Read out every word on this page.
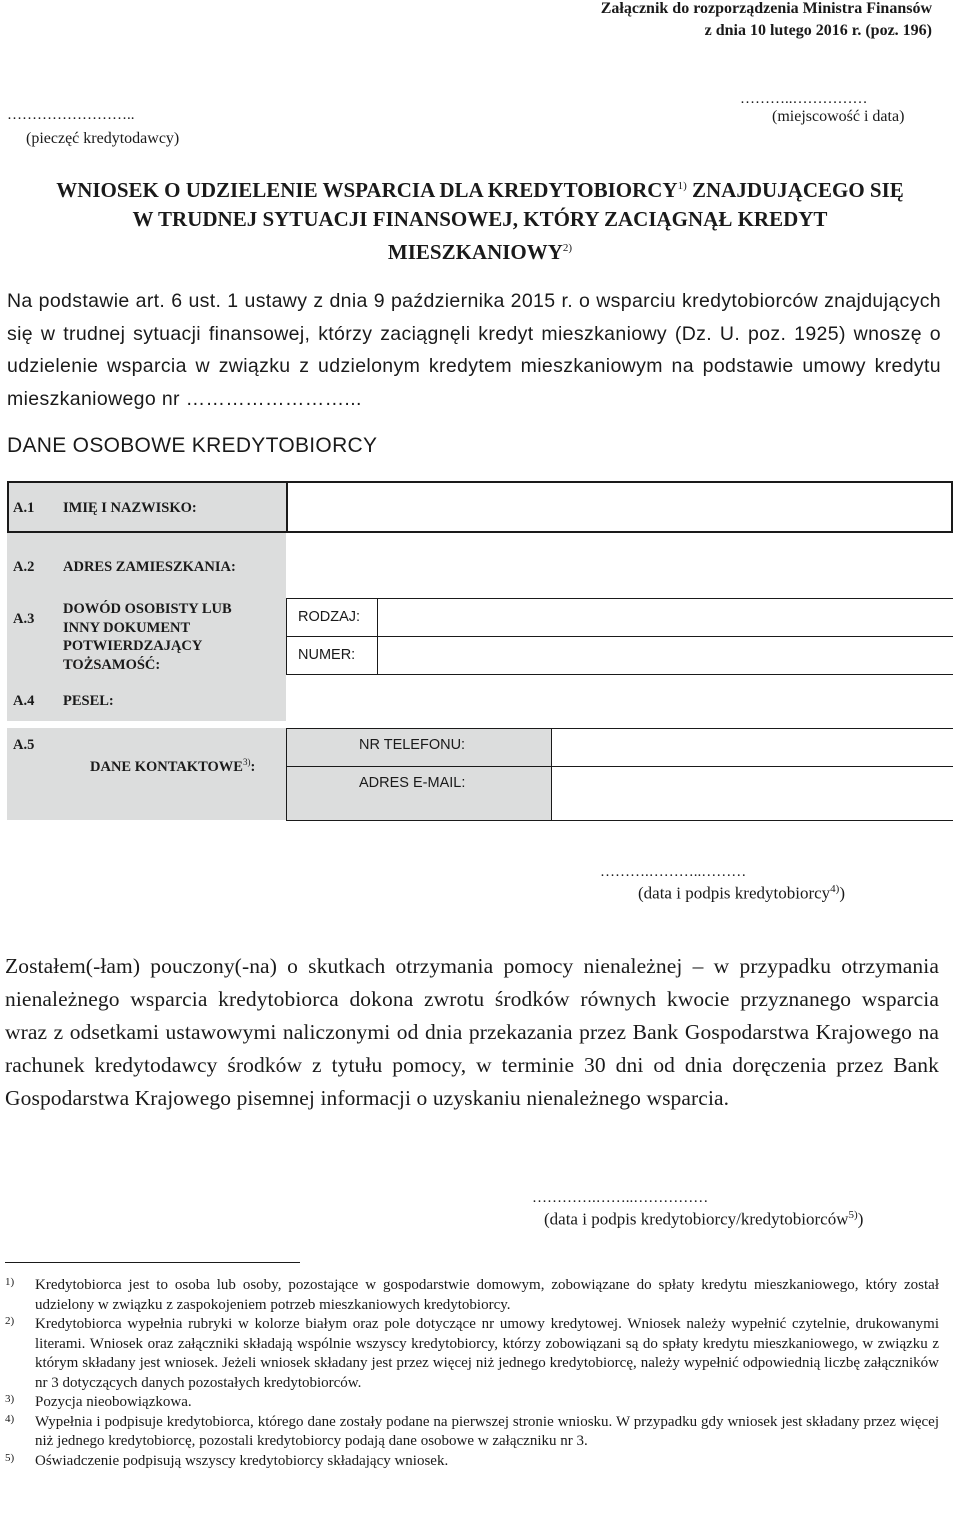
Załącznik do rozporządzenia Ministra Finansów
z dnia 10 lutego 2016 r. (poz. 196)
……………………..
(pieczęć kredytodawcy)
………..……………
(miejscowość i data)
WNIOSEK O UDZIELENIE WSPARCIA DLA KREDYTOBIORCY$^{1)}$ ZNAJDUJĄCEGO SIĘ
W TRUDNEJ SYTUACJI FINANSOWEJ, KTÓRY ZACIĄGNĄŁ KREDYT
MIESZKANIOWY$^{2)}$
Na podstawie art. 6 ust. 1 ustawy z dnia 9 października 2015 r. o wsparciu kredytobiorców znajdujących się w trudnej sytuacji finansowej, którzy zaciągnęli kredyt mieszkaniowy (Dz. U. poz. 1925) wnoszę o udzielenie wsparcia w związku z udzielonym kredytem mieszkaniowym na podstawie umowy kredytu mieszkaniowego nr ……………………...
DANE OSOBOWE KREDYTOBIORCY
A.1 IMIĘ I NAZWISKO:
A.2 ADRES ZAMIESZKANIA:
A.3
DOWÓD OSOBISTY LUB
INNY DOKUMENT
POTWIERDZAJĄCY
TOŻSAMOŚĆ:
RODZAJ:
NUMER:
A.4 PESEL:
A.5
DANE KONTAKTOWE$^{3)}$:
NR TELEFONU:
ADRES E-MAIL:
……….………..………
(data i podpis kredytobiorcy$^{4)}$)
Zostałem(-łam) pouczony(-na) o skutkach otrzymania pomocy nienależnej – w przypadku otrzymania nienależnego wsparcia kredytobiorca dokona zwrotu środków równych kwocie przyznanego wsparcia wraz z odsetkami ustawowymi naliczonymi od dnia przekazania przez Bank Gospodarstwa Krajowego na rachunek kredytodawcy środków z tytułu pomocy, w terminie 30 dni od dnia doręczenia przez Bank Gospodarstwa Krajowego pisemnej informacji o uzyskaniu nienależnego wsparcia.
………….……..……………
(data i podpis kredytobiorcy/kredytobiorców$^{5)}$)
1) Kredytobiorca jest to osoba lub osoby, pozostające w gospodarstwie domowym, zobowiązane do spłaty kredytu mieszkaniowego, który został udzielony w związku z zaspokojeniem potrzeb mieszkaniowych kredytobiorcy.
2) Kredytobiorca wypełnia rubryki w kolorze białym oraz pole dotyczące nr umowy kredytowej. Wniosek należy wypełnić czytelnie, drukowanymi literami. Wniosek oraz załączniki składają wspólnie wszyscy kredytobiorcy, którzy zobowiązani są do spłaty kredytu mieszkaniowego, w związku z którym składany jest wniosek. Jeżeli wniosek składany jest przez więcej niż jednego kredytobiorcę, należy wypełnić odpowiednią liczbę załączników nr 3 dotyczących danych pozostałych kredytobiorców.
3) Pozycja nieobowiązkowa.
4) Wypełnia i podpisuje kredytobiorca, którego dane zostały podane na pierwszej stronie wniosku. W przypadku gdy wniosek jest składany przez więcej niż jednego kredytobiorcę, pozostali kredytobiorcy podają dane osobowe w załączniku nr 3.
5) Oświadczenie podpisują wszyscy kredytobiorcy składający wniosek.
